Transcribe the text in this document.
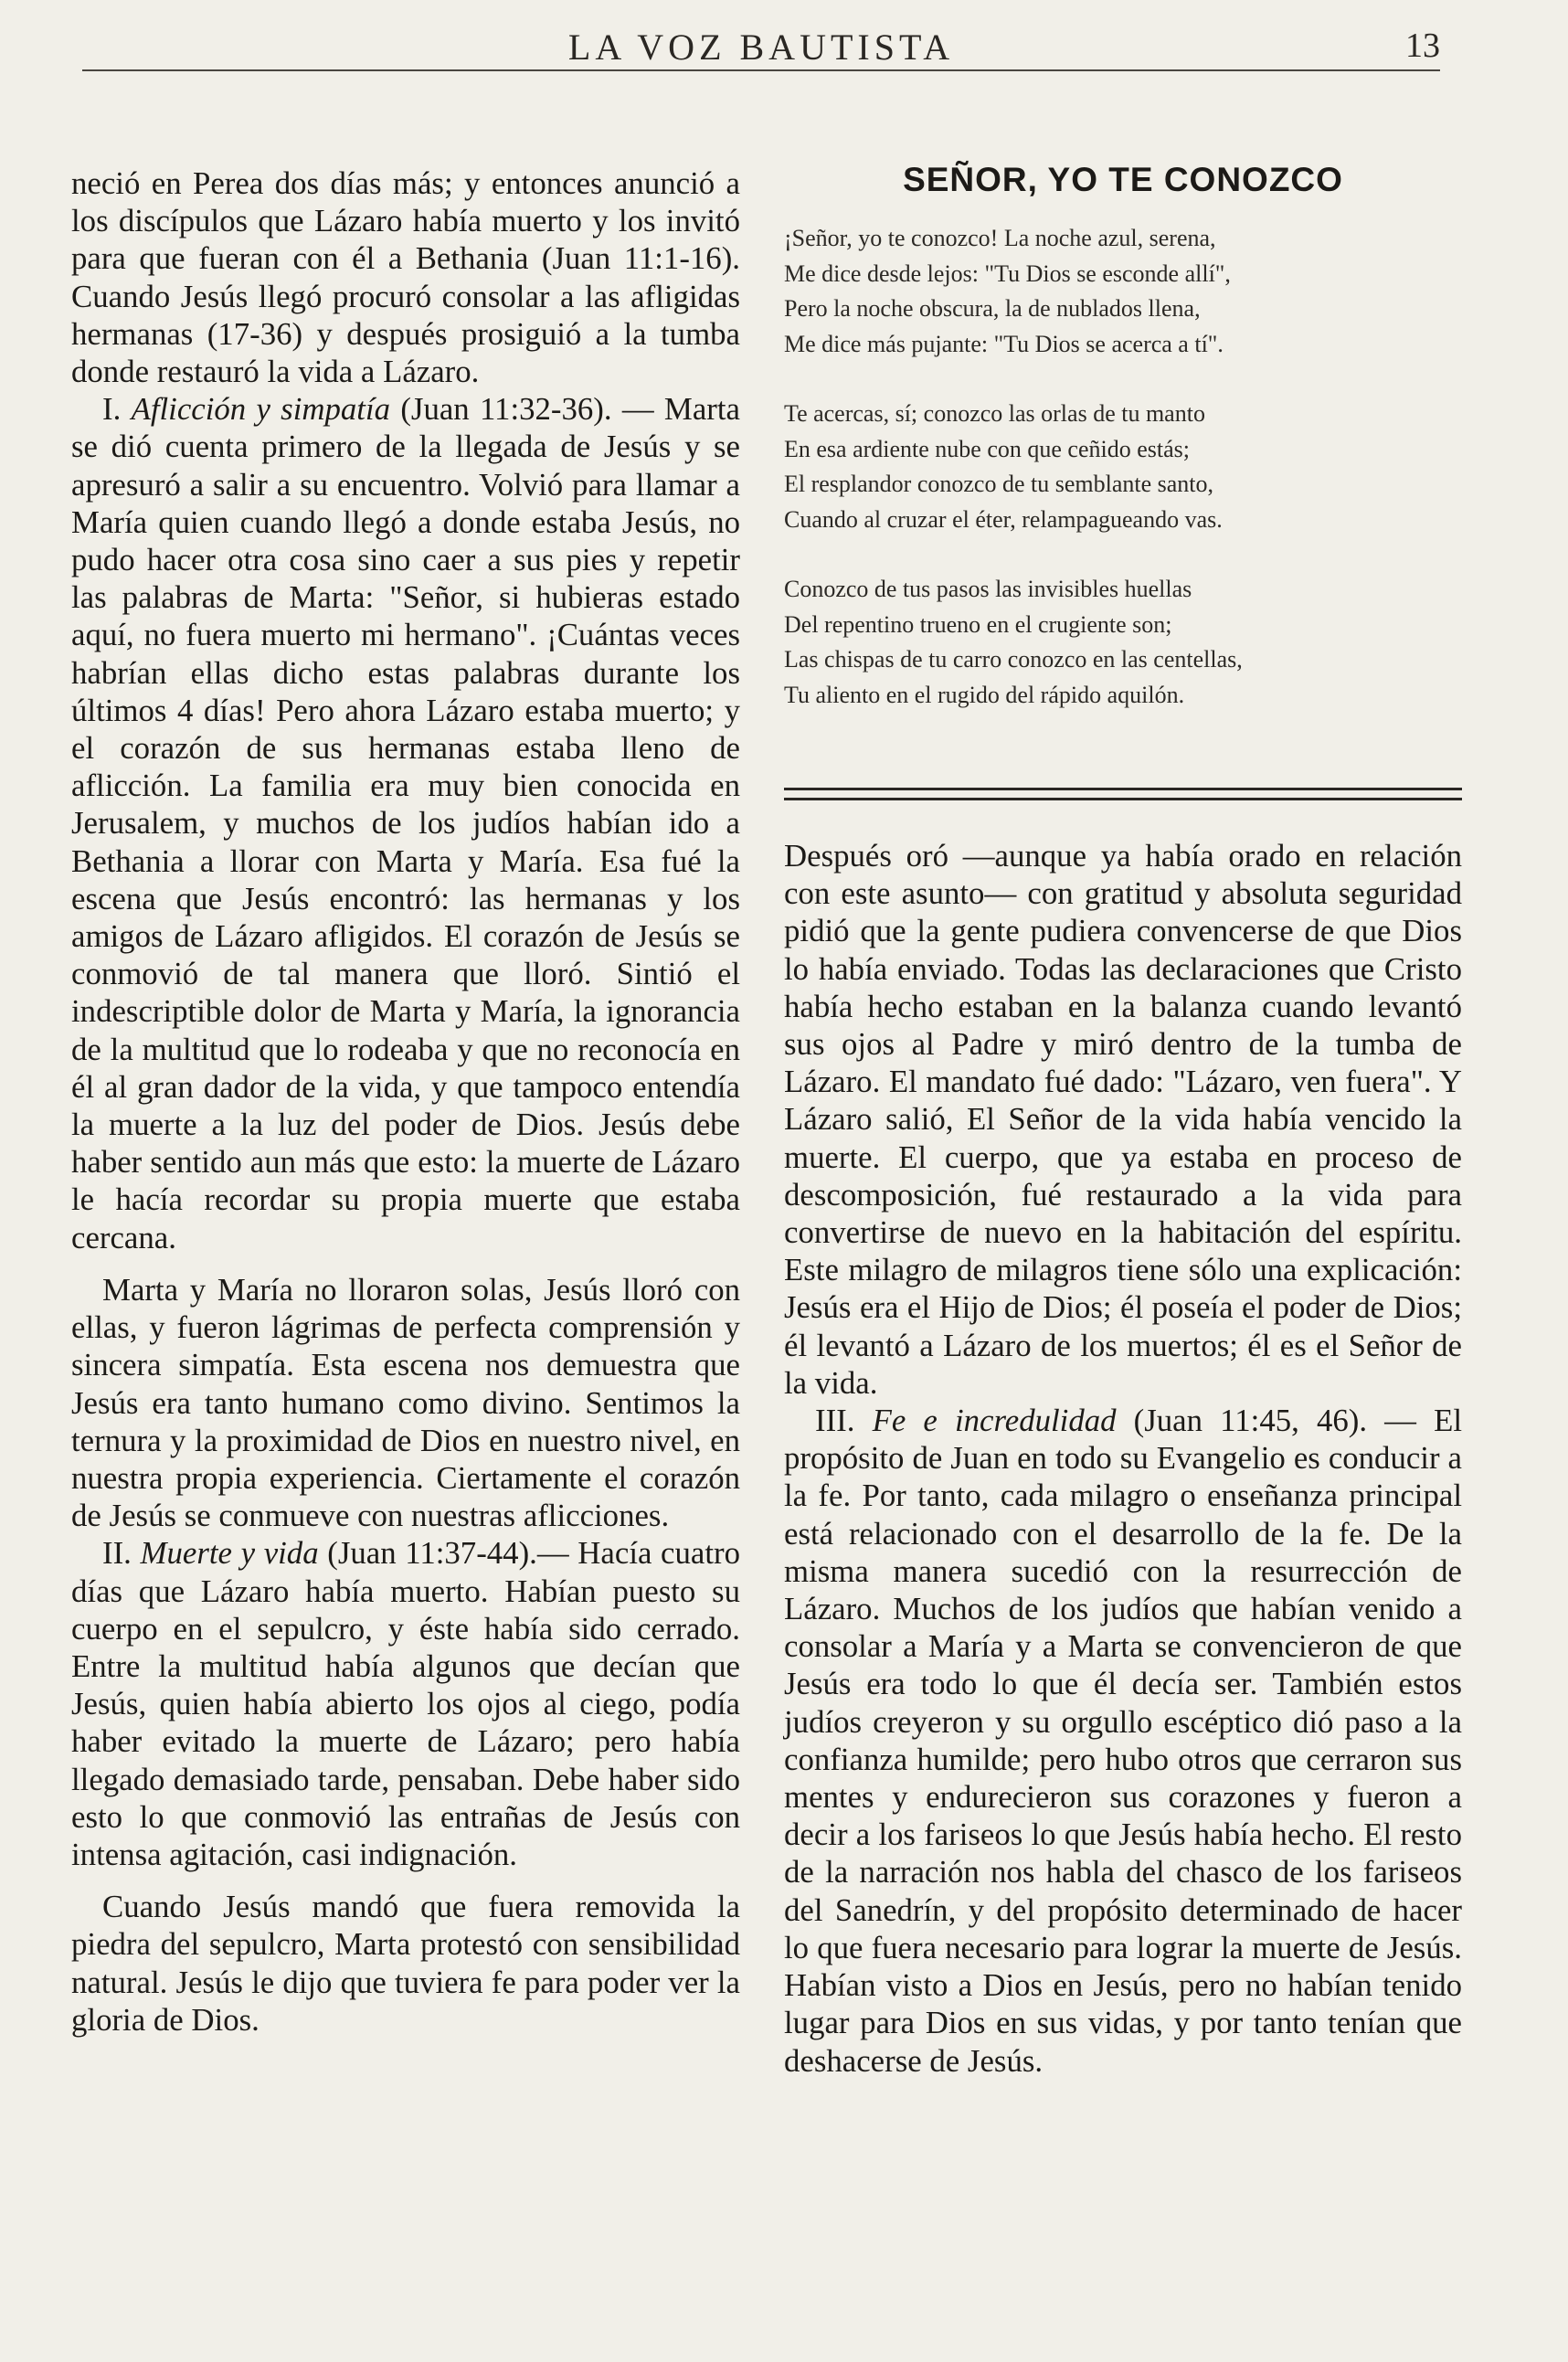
LA VOZ BAUTISTA	13

neció en Perea dos días más; y entonces anunció a los discípulos que Lázaro había muerto y los invitó para que fueran con él a Bethania (Juan 11:1-16). Cuando Jesús llegó procuró consolar a las afligidas hermanas (17-36) y después prosiguió a la tumba donde restauró la vida a Lázaro.

I. Aflicción y simpatía (Juan 11:32-36). — Marta se dió cuenta primero de la llegada de Jesús y se apresuró a salir a su encuentro. Volvió para llamar a María quien cuando llegó a donde estaba Jesús, no pudo hacer otra cosa sino caer a sus pies y repetir las palabras de Marta: "Señor, si hubieras estado aquí, no fuera muerto mi hermano". ¡Cuántas veces habrían ellas dicho estas palabras durante los últimos 4 días! Pero ahora Lázaro estaba muerto; y el corazón de sus hermanas estaba lleno de aflicción. La familia era muy bien conocida en Jerusalem, y muchos de los judíos habían ido a Bethania a llorar con Marta y María. Esa fué la escena que Jesús encontró: las hermanas y los amigos de Lázaro afligidos. El corazón de Jesús se conmovió de tal manera que lloró. Sintió el indescriptible dolor de Marta y María, la ignorancia de la multitud que lo rodeaba y que no reconocía en él al gran dador de la vida, y que tampoco entendía la muerte a la luz del poder de Dios. Jesús debe haber sentido aun más que esto: la muerte de Lázaro le hacía recordar su propia muerte que estaba cercana.

Marta y María no lloraron solas, Jesús lloró con ellas, y fueron lágrimas de perfecta comprensión y sincera simpatía. Esta escena nos demuestra que Jesús era tanto humano como divino. Sentimos la ternura y la proximidad de Dios en nuestro nivel, en nuestra propia experiencia. Ciertamente el corazón de Jesús se conmueve con nuestras aflicciones.

II. Muerte y vida (Juan 11:37-44).— Hacía cuatro días que Lázaro había muerto. Habían puesto su cuerpo en el sepulcro, y éste había sido cerrado. Entre la multitud había algunos que decían que Jesús, quien había abierto los ojos al ciego, podía haber evitado la muerte de Lázaro; pero había llegado demasiado tarde, pensaban. Debe haber sido esto lo que conmovió las entrañas de Jesús con intensa agitación, casi indignación.

Cuando Jesús mandó que fuera removida la piedra del sepulcro, Marta protestó con sensibilidad natural. Jesús le dijo que tuviera fe para poder ver la gloria de Dios.

SEÑOR, YO TE CONOZCO
¡Señor, yo te conozco! La noche azul, serena,
Me dice desde lejos: "Tu Dios se esconde allí",
Pero la noche obscura, la de nublados llena,
Me dice más pujante: "Tu Dios se acerca a tí".
Te acercas, sí; conozco las orlas de tu manto
En esa ardiente nube con que ceñido estás;
El resplandor conozco de tu semblante santo,
Cuando al cruzar el éter, relampagueando vas.
Conozco de tus pasos las invisibles huellas
Del repentino trueno en el crugiente son;
Las chispas de tu carro conozco en las centellas,
Tu aliento en el rugido del rápido aquilón.

Después oró —aunque ya había orado en relación con este asunto— con gratitud y absoluta seguridad pidió que la gente pudiera convencerse de que Dios lo había enviado. Todas las declaraciones que Cristo había hecho estaban en la balanza cuando levantó sus ojos al Padre y miró dentro de la tumba de Lázaro. El mandato fué dado: "Lázaro, ven fuera". Y Lázaro salió, El Señor de la vida había vencido la muerte. El cuerpo, que ya estaba en proceso de descomposición, fué restaurado a la vida para convertirse de nuevo en la habitación del espíritu. Este milagro de milagros tiene sólo una explicación: Jesús era el Hijo de Dios; él poseía el poder de Dios; él levantó a Lázaro de los muertos; él es el Señor de la vida.

III. Fe e incredulidad (Juan 11:45, 46). — El propósito de Juan en todo su Evangelio es conducir a la fe. Por tanto, cada milagro o enseñanza principal está relacionado con el desarrollo de la fe. De la misma manera sucedió con la resurrección de Lázaro. Muchos de los judíos que habían venido a consolar a María y a Marta se convencieron de que Jesús era todo lo que él decía ser. También estos judíos creyeron y su orgullo escéptico dió paso a la confianza humilde; pero hubo otros que cerraron sus mentes y endurecieron sus corazones y fueron a decir a los fariseos lo que Jesús había hecho. El resto de la narración nos habla del chasco de los fariseos del Sanedrín, y del propósito determinado de hacer lo que fuera necesario para lograr la muerte de Jesús. Habían visto a Dios en Jesús, pero no habían tenido lugar para Dios en sus vidas, y por tanto tenían que deshacerse de Jesús.
